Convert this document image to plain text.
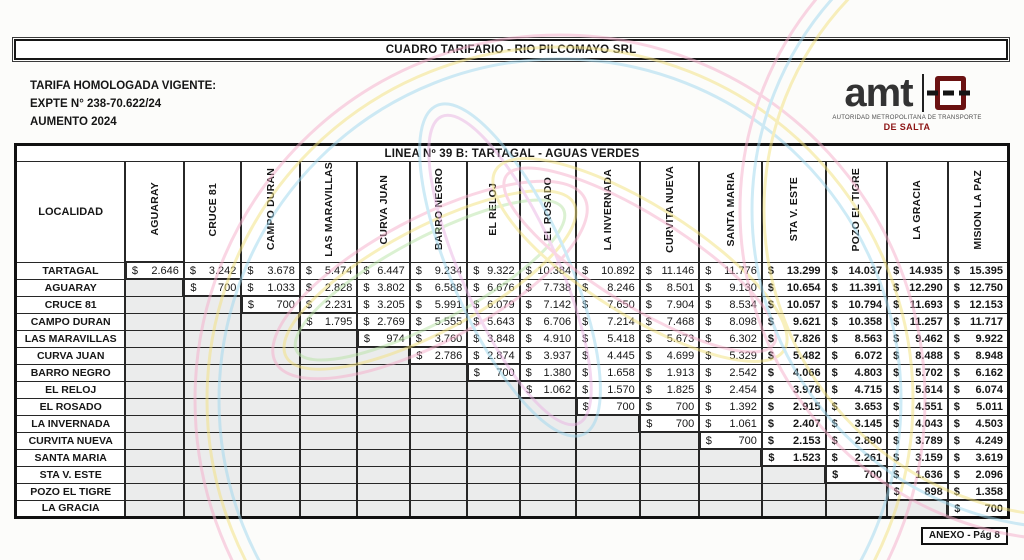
CUADRO TARIFARIO - RIO PILCOMAYO SRL
TARIFA HOMOLOGADA VIGENTE:
EXPTE N° 238-70.622/24
AUMENTO 2024
amt
AUTORIDAD METROPOLITANA DE TRANSPORTE
DE SALTA
LINEA Nº 39 B: TARTAGAL - AGUAS VERDES															
LOCALIDAD	AGUARAY	CRUCE 81	CAMPO DURAN	LAS MARAVILLAS	CURVA JUAN	BARRO NEGRO	EL RELOJ	EL ROSADO	LA INVERNADA	CURVITA NUEVA	SANTA MARIA	STA V. ESTE	POZO EL TIGRE	LA GRACIA	MISION LA PAZ
TARTAGAL	$ 2.646	$ 3.242	$ 3.678	$ 5.474	$ 6.447	$ 9.234	$ 9.322	$ 10.384	$ 10.892	$ 11.146	$ 11.776	$ 13.299	$ 14.037	$ 14.935	$ 15.395

AGUARAY		$ 700	$ 1.033	$ 2.828	$ 3.802	$ 6.588	$ 6.676	$ 7.738	$ 8.246	$ 8.501	$ 9.130	$ 10.654	$ 11.391	$ 12.290	$ 12.750

CRUCE 81			$ 700	$ 2.231	$ 3.205	$ 5.991	$ 6.079	$ 7.142	$ 7.650	$ 7.904	$ 8.534	$ 10.057	$ 10.794	$ 11.693	$ 12.153

CAMPO DURAN				$ 1.795	$ 2.769	$ 5.555	$ 5.643	$ 6.706	$ 7.214	$ 7.468	$ 8.098	$ 9.621	$ 10.358	$ 11.257	$ 11.717

LAS MARAVILLAS					$ 974	$ 3.760	$ 3.848	$ 4.910	$ 5.418	$ 5.673	$ 6.302	$ 7.826	$ 8.563	$ 9.462	$ 9.922

CURVA JUAN						$ 2.786	$ 2.874	$ 3.937	$ 4.445	$ 4.699	$ 5.329	$ 5.482	$ 6.072	$ 8.488	$ 8.948

BARRO NEGRO							$ 700	$ 1.380	$ 1.658	$ 1.913	$ 2.542	$ 4.066	$ 4.803	$ 5.702	$ 6.162

EL RELOJ								$ 1.062	$ 1.570	$ 1.825	$ 2.454	$ 3.978	$ 4.715	$ 5.614	$ 6.074

EL ROSADO									$ 700	$ 700	$ 1.392	$ 2.915	$ 3.653	$ 4.551	$ 5.011

LA INVERNADA										$ 700	$ 1.061	$ 2.407	$ 3.145	$ 4.043	$ 4.503

CURVITA NUEVA											$ 700	$ 2.153	$ 2.890	$ 3.789	$ 4.249

SANTA MARIA												$ 1.523	$ 2.261	$ 3.159	$ 3.619

STA V. ESTE													$ 700	$ 1.636	$ 2.096

POZO EL TIGRE														$ 898	$ 1.358

LA GRACIA															$ 700
ANEXO - Pág 8
